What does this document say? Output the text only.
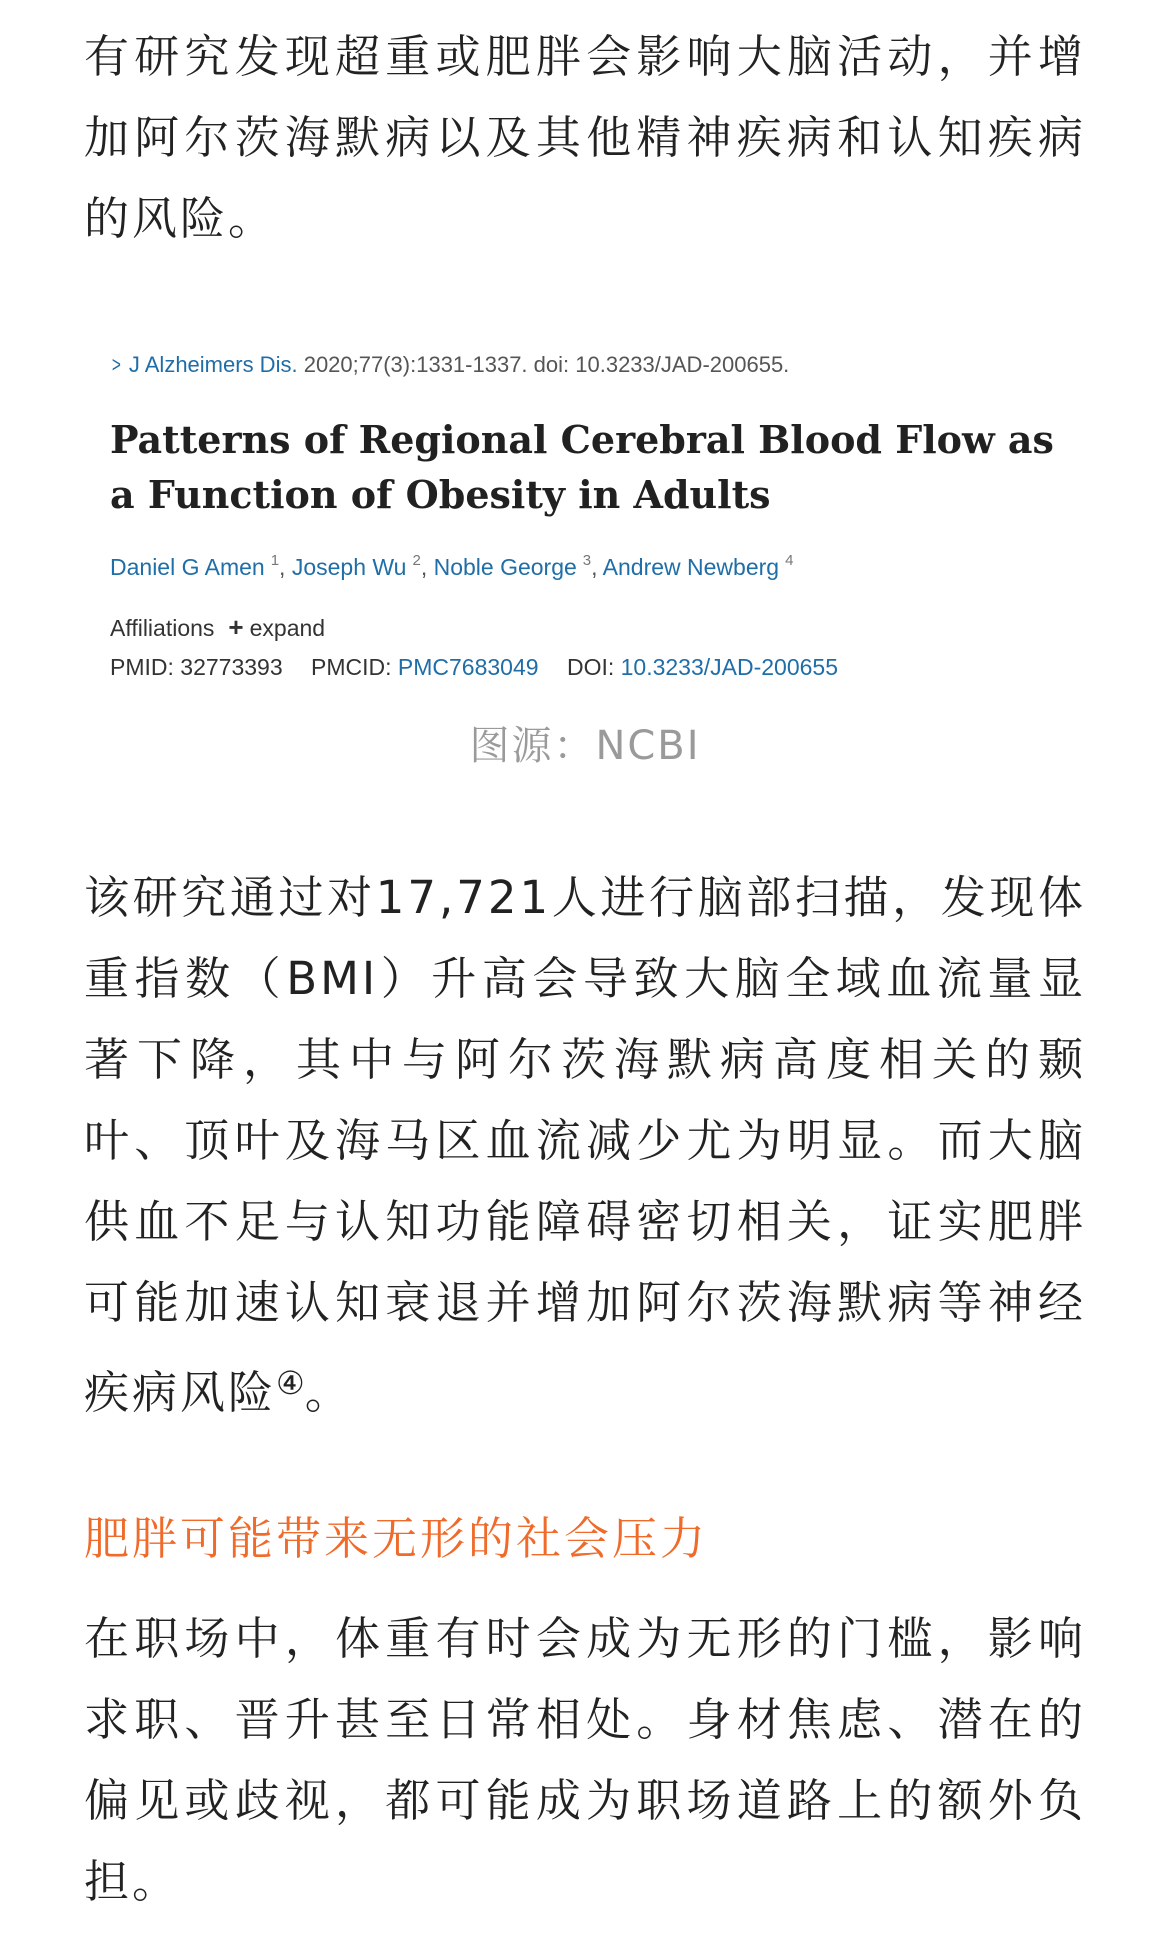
有研究发现超重或肥胖会影响大脑活动，并增加阿尔茨海默病以及其他精神疾病和认知疾病的风险。

> J Alzheimers Dis. 2020;77(3):1331-1337. doi: 10.3233/JAD-200655.
Patterns of Regional Cerebral Blood Flow as a Function of Obesity in Adults
Daniel G Amen $^1$, Joseph Wu $^2$, Noble George $^3$, Andrew Newberg $^4$
Affiliations + expand
PMID: 32773393 PMCID: PMC7683049 DOI: 10.3233/JAD-200655
图源：NCBI

该研究通过对17,721人进行脑部扫描，发现体重指数（BMI）升高会导致大脑全域血流量显著下降，其中与阿尔茨海默病高度相关的颞叶、顶叶及海马区血流减少尤为明显。而大脑供血不足与认知功能障碍密切相关，证实肥胖可能加速认知衰退并增加阿尔茨海默病等神经疾病风险④。

肥胖可能带来无形的社会压力

在职场中，体重有时会成为无形的门槛，影响求职、晋升甚至日常相处。身材焦虑、潜在的偏见或歧视，都可能成为职场道路上的额外负担。
